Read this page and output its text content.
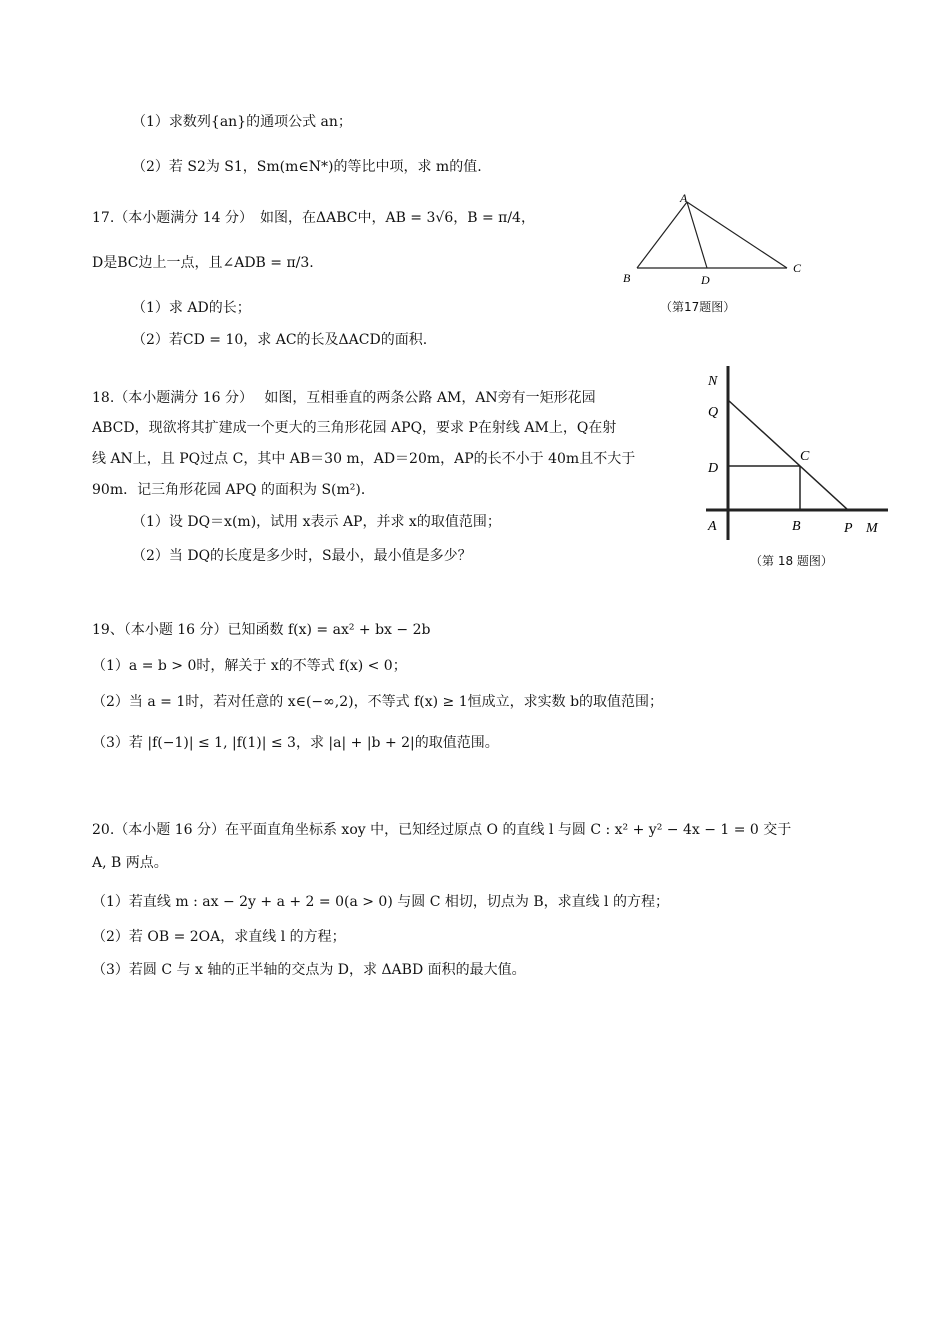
（1）求数列{an}的通项公式 an；
（2）若 S2为 S1，Sm(m∈N*)的等比中项，求 m的值.
17.（本小题满分 14 分）　如图，在ΔABC中，AB = 3√6，B = π/4，
D是BC边上一点，且∠ADB = π/3.
（1）求 AD的长；
（2）若CD = 10，求 AC的长及ΔACD的面积.
A
B	D
C
（第17题图）
18.（本小题满分 16 分）　 如图，互相垂直的两条公路 AM，AN旁有一矩形花园
ABCD，现欲将其扩建成一个更大的三角形花园 APQ，要求 P在射线 AM上，Q在射
线 AN上，且 PQ过点 C，其中 AB＝30 m，AD＝20m，AP的长不小于 40m且不大于
90m．记三角形花园 APQ 的面积为 S(m²)．
（1）设 DQ＝x(m)，试用 x表示 AP，并求 x的取值范围；
（2）当 DQ的长度是多少时，S最小，最小值是多少？
N
Q
D
C
A	B	P M
（第 18 题图）
19、（本小题 16 分）已知函数 f(x) = ax² + bx − 2b
（1）a = b > 0时，解关于 x的不等式 f(x) < 0；
（2）当 a = 1时，若对任意的 x∈(−∞,2)，不等式 f(x) ≥ 1恒成立，求实数 b的取值范围；
（3）若 |f(−1)| ≤ 1, |f(1)| ≤ 3，求 |a| + |b + 2|的取值范围。
20.（本小题 16 分）在平面直角坐标系 xoy 中，已知经过原点 O 的直线 l 与圆 C : x² + y² − 4x − 1 = 0 交于
A, B 两点。
（1）若直线 m : ax − 2y + a + 2 = 0(a > 0) 与圆 C 相切，切点为 B，求直线 l 的方程；
（2）若 OB = 2OA，求直线 l 的方程；
（3）若圆 C 与 x 轴的正半轴的交点为 D，求 ΔABD 面积的最大值。
